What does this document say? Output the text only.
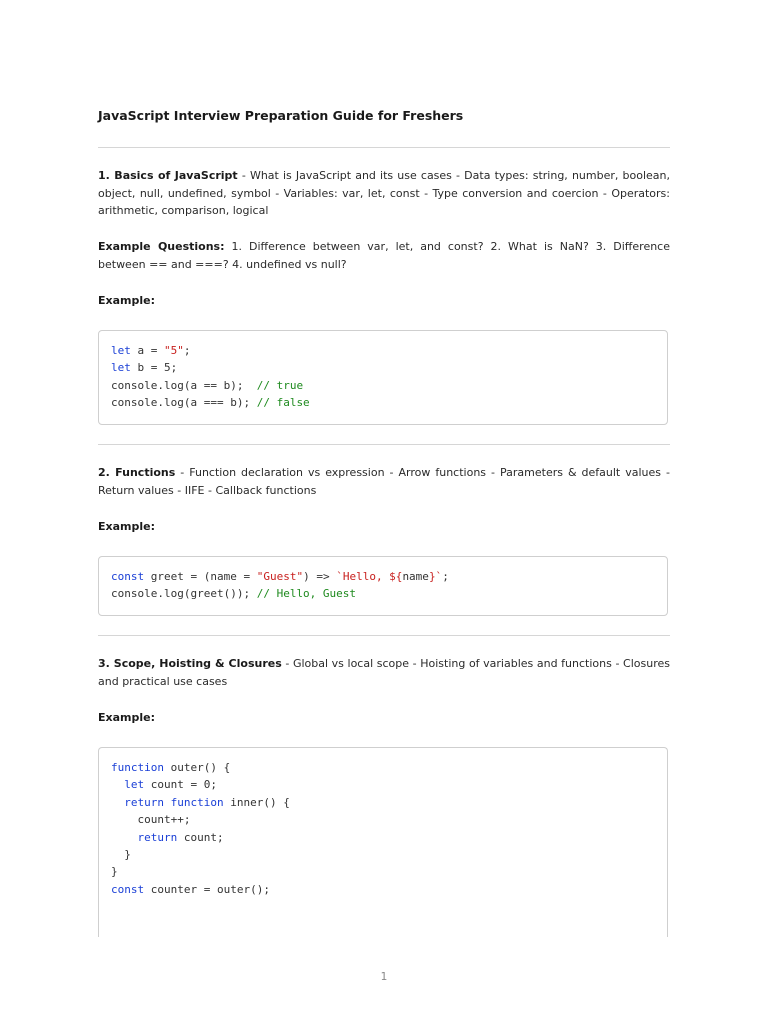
JavaScript Interview Preparation Guide for Freshers

1. Basics of JavaScript - What is JavaScript and its use cases - Data types: string, number, boolean, object, null, undefined, symbol - Variables: var, let, const - Type conversion and coercion - Operators: arithmetic, comparison, logical

Example Questions: 1. Difference between var, let, and const? 2. What is NaN? 3. Difference between == and ===? 4. undefined vs null?

Example:

let a = "5";
let b = 5;
console.log(a == b);  // true
console.log(a === b); // false

2. Functions - Function declaration vs expression - Arrow functions - Parameters & default values - Return values - IIFE - Callback functions

Example:

const greet = (name = "Guest") => `Hello, ${name}`;
console.log(greet()); // Hello, Guest

3. Scope, Hoisting & Closures - Global vs local scope - Hoisting of variables and functions - Closures and practical use cases

Example:

function outer() {
let count = 0;
return function inner() {
count++;
return count;
}
}
const counter = outer();
1
